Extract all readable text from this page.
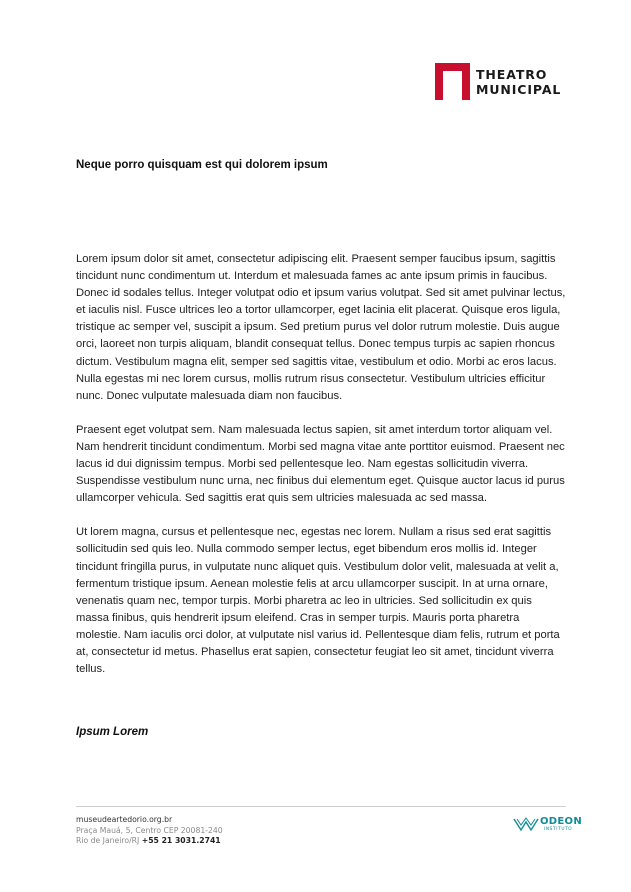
THEATRO
MUNICIPAL
Neque porro quisquam est qui dolorem ipsum

Lorem ipsum dolor sit amet, consectetur adipiscing elit. Praesent semper faucibus ipsum, sagittis tincidunt nunc condimentum ut. Interdum et malesuada fames ac ante ipsum primis in faucibus. Donec id sodales tellus. Integer volutpat odio et ipsum varius volutpat. Sed sit amet pulvinar lectus, et iaculis nisl. Fusce ultrices leo a tortor ullamcorper, eget lacinia elit placerat. Quisque eros ligula, tristique ac semper vel, suscipit a ipsum. Sed pretium purus vel dolor rutrum molestie. Duis augue orci, laoreet non turpis aliquam, blandit consequat tellus. Donec tempus turpis ac sapien rhoncus dictum. Vestibulum magna elit, semper sed sagittis vitae, vestibulum et odio. Morbi ac eros lacus. Nulla egestas mi nec lorem cursus, mollis rutrum risus consectetur. Vestibulum ultricies efficitur nunc. Donec vulputate malesuada diam non faucibus.

Praesent eget volutpat sem. Nam malesuada lectus sapien, sit amet interdum tortor aliquam vel. Nam hendrerit tincidunt condimentum. Morbi sed magna vitae ante porttitor euismod. Praesent nec lacus id dui dignissim tempus. Morbi sed pellentesque leo. Nam egestas sollicitudin viverra. Suspendisse vestibulum nunc urna, nec finibus dui elementum eget. Quisque auctor lacus id purus ullamcorper vehicula. Sed sagittis erat quis sem ultricies malesuada ac sed massa.

Ut lorem magna, cursus et pellentesque nec, egestas nec lorem. Nullam a risus sed erat sagittis sollicitudin sed quis leo. Nulla commodo semper lectus, eget bibendum eros mollis id. Integer tincidunt fringilla purus, in vulputate nunc aliquet quis. Vestibulum dolor velit, malesuada at velit a, fermentum tristique ipsum. Aenean molestie felis at arcu ullamcorper suscipit. In at urna ornare, venenatis quam nec, tempor turpis. Morbi pharetra ac leo in ultricies. Sed sollicitudin ex quis massa finibus, quis hendrerit ipsum eleifend. Cras in semper turpis. Mauris porta pharetra molestie. Nam iaculis orci dolor, at vulputate nisl varius id. Pellentesque diam felis, rutrum et porta at, consectetur id metus. Phasellus erat sapien, consectetur feugiat leo sit amet, tincidunt viverra tellus.

Ipsum Lorem
museudeartedorio.org.br
Praça Mauá, 5, Centro CEP 20081-240
Rio de Janeiro/RJ +55 21 3031.2741
ODEON
INSTITUTO
